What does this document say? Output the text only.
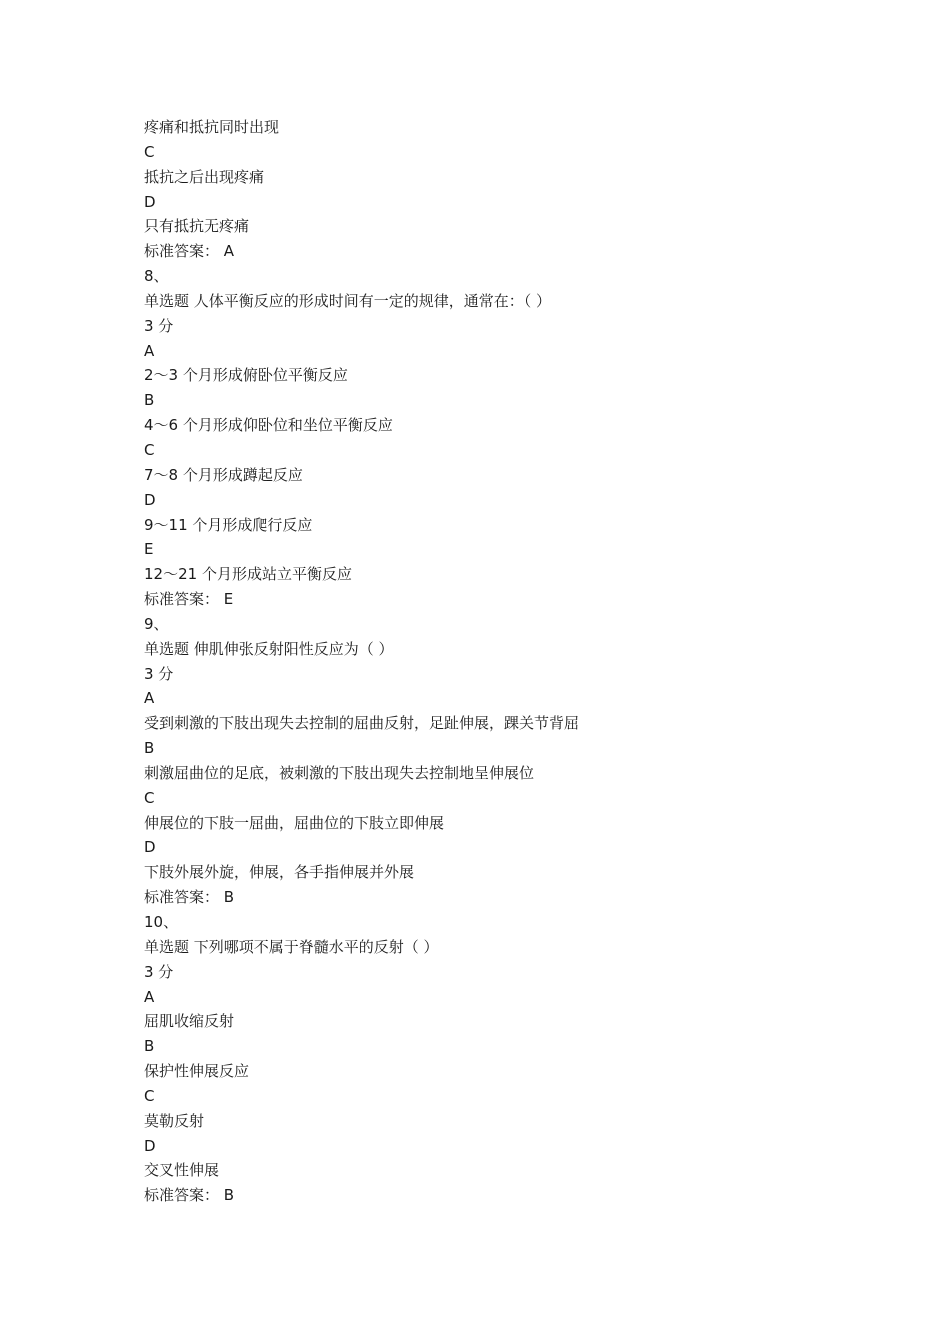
疼痛和抵抗同时出现
C
抵抗之后出现疼痛
D
只有抵抗无疼痛
标准答案： A
8、
单选题 人体平衡反应的形成时间有一定的规律，通常在：（ ）
3 分
A
2～3 个月形成俯卧位平衡反应
B
4～6 个月形成仰卧位和坐位平衡反应
C
7～8 个月形成蹲起反应
D
9～11 个月形成爬行反应
E
12～21 个月形成站立平衡反应
标准答案： E
9、
单选题 伸肌伸张反射阳性反应为（ ）
3 分
A
受到刺激的下肢出现失去控制的屈曲反射，足趾伸展，踝关节背屈
B
刺激屈曲位的足底，被刺激的下肢出现失去控制地呈伸展位
C
伸展位的下肢一屈曲，屈曲位的下肢立即伸展
D
下肢外展外旋，伸展，各手指伸展并外展
标准答案： B
10、
单选题 下列哪项不属于脊髓水平的反射（ ）
3 分
A
屈肌收缩反射
B
保护性伸展反应
C
莫勒反射
D
交叉性伸展
标准答案： B
